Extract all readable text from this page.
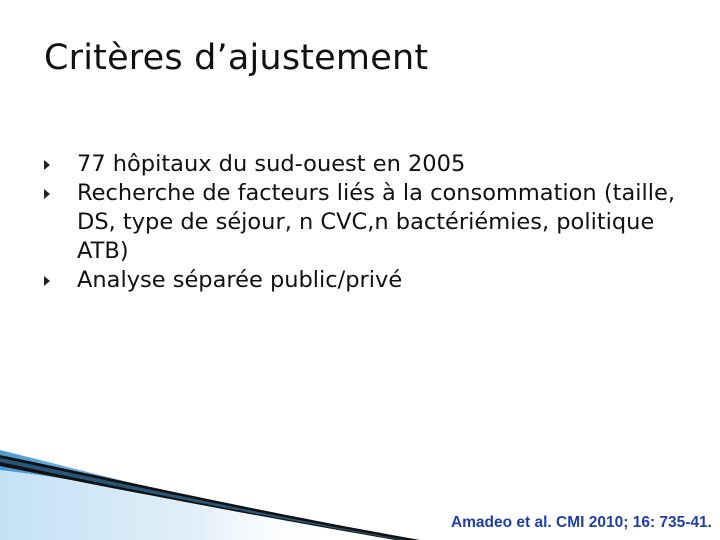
Critères d’ajustement
77 hôpitaux du sud-ouest en 2005
Recherche de facteurs liés à la consommation (taille, DS, type de séjour, n CVC,n bactériémies, politique ATB)
Analyse séparée public/privé
Amadeo et al. CMI 2010; 16: 735-41.
